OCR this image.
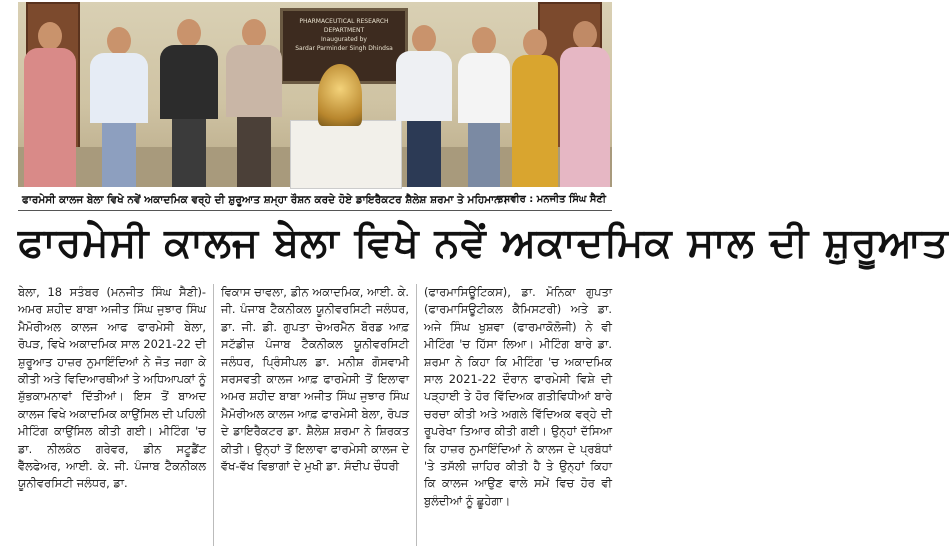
PHARMACEUTICAL RESEARCH DEPARTMENT
Inaugurated by
Sardar Parminder Singh Dhindsa
ਫਾਰਮੇਸੀ ਕਾਲਜ ਬੇਲਾ ਵਿਖੇ ਨਵੇਂ ਅਕਾਦਮਿਕ ਵਰ੍ਹੇ ਦੀ ਸ਼ੁਰੂਆਤ ਸ਼ਮ੍ਹਾ ਰੌਸ਼ਨ ਕਰਦੇ ਹੋਏ ਡਾਇਰੈਕਟਰ ਸ਼ੈਲੇਸ਼ ਸ਼ਰਮਾ ਤੇ ਮਹਿਮਾਨ।
ਤਸਵੀਰ : ਮਨਜੀਤ ਸਿੰਘ ਸੈਣੀ
ਫਾਰਮੇਸੀ ਕਾਲਜ ਬੇਲਾ ਵਿਖੇ ਨਵੇਂ ਅਕਾਦਮਿਕ ਸਾਲ ਦੀ ਸ਼ੁਰੂਆਤ

ਬੇਲਾ, 18 ਸਤੰਬਰ (ਮਨਜੀਤ ਸਿੰਘ ਸੈਣੀ)-ਅਮਰ ਸ਼ਹੀਦ ਬਾਬਾ ਅਜੀਤ ਸਿੰਘ ਜੁਝਾਰ ਸਿੰਘ ਮੈਮੋਰੀਅਲ ਕਾਲਜ ਆਫ ਫਾਰਮੇਸੀ ਬੇਲਾ, ਰੋਪੜ, ਵਿਖੇ ਅਕਾਦਮਿਕ ਸਾਲ 2021-22 ਦੀ ਸ਼ੁਰੂਆਤ ਹਾਜ਼ਰ ਨੁਮਾਇੰਦਿਆਂ ਨੇ ਜੋਤ ਜਗਾ ਕੇ ਕੀਤੀ ਅਤੇ ਵਿਦਿਆਰਥੀਆਂ ਤੇ ਅਧਿਆਪਕਾਂ ਨੂੰ ਸ਼ੁੱਭਕਾਮਨਾਵਾਂ ਦਿੱਤੀਆਂ। ਇਸ ਤੋਂ ਬਾਅਦ ਕਾਲਜ ਵਿਖੇ ਅਕਾਦਮਿਕ ਕਾਉਂਸਿਲ ਦੀ ਪਹਿਲੀ ਮੀਟਿੰਗ ਕਾਉਂਸਿਲ ਕੀਤੀ ਗਈ। ਮੀਟਿੰਗ 'ਚ ਡਾ. ਨੀਲਕੰਠ ਗਰੇਵਰ, ਡੀਨ ਸਟੂਡੈਂਟ ਵੈੱਲਫੇਅਰ, ਆਈ. ਕੇ. ਜੀ. ਪੰਜਾਬ ਟੈਕਨੀਕਲ ਯੂਨੀਵਰਸਿਟੀ ਜਲੰਧਰ, ਡਾ.

ਵਿਕਾਸ ਚਾਵਲਾ, ਡੀਨ ਅਕਾਦਮਿਕ, ਆਈ. ਕੇ. ਜੀ. ਪੰਜਾਬ ਟੈਕਨੀਕਲ ਯੂਨੀਵਰਸਿਟੀ ਜਲੰਧਰ, ਡਾ. ਜੀ. ਡੀ. ਗੁਪਤਾ ਚੇਅਰਮੈਨ ਬੋਰਡ ਆਫ਼ ਸਟੱਡੀਜ਼ ਪੰਜਾਬ ਟੈਕਨੀਕਲ ਯੂਨੀਵਰਸਿਟੀ ਜਲੰਧਰ, ਪ੍ਰਿੰਸੀਪਲ ਡਾ. ਮਨੀਸ਼ ਗੋਸਵਾਮੀ ਸਰਸਵਤੀ ਕਾਲਜ ਆਫ਼ ਫਾਰਮੇਸੀ ਤੋਂ ਇਲਾਵਾ ਅਮਰ ਸ਼ਹੀਦ ਬਾਬਾ ਅਜੀਤ ਸਿੰਘ ਜੁਝਾਰ ਸਿੰਘ ਮੈਮੋਰੀਅਲ ਕਾਲਜ ਆਫ਼ ਫਾਰਮੇਸੀ ਬੇਲਾ, ਰੋਪੜ ਦੇ ਡਾਇਰੈਕਟਰ ਡਾ. ਸ਼ੈਲੇਸ਼ ਸ਼ਰਮਾ ਨੇ ਸ਼ਿਰਕਤ ਕੀਤੀ। ਉਨ੍ਹਾਂ ਤੋਂ ਇਲਾਵਾ ਫਾਰਮੇਸੀ ਕਾਲਜ ਦੇ ਵੱਖ-ਵੱਖ ਵਿਭਾਗਾਂ ਦੇ ਮੁਖੀ ਡਾ. ਸੰਦੀਪ ਚੌਧਰੀ

(ਫਾਰਮਾਸਿਊਟਿਕਸ), ਡਾ. ਮੋਨਿਕਾ ਗੁਪਤਾ (ਫਾਰਮਾਸਿਊਟੀਕਲ ਕੈਮਿਸਟਰੀ) ਅਤੇ ਡਾ. ਅਜੇ ਸਿੰਘ ਖੁਸ਼ਵਾ (ਫਾਰਮਾਕੋਲੋਜੀ) ਨੇ ਵੀ ਮੀਟਿੰਗ 'ਚ ਹਿੱਸਾ ਲਿਆ। ਮੀਟਿੰਗ ਬਾਰੇ ਡਾ. ਸ਼ਰਮਾ ਨੇ ਕਿਹਾ ਕਿ ਮੀਟਿੰਗ 'ਚ ਅਕਾਦਮਿਕ ਸਾਲ 2021-22 ਦੌਰਾਨ ਫਾਰਮੇਸੀ ਵਿਸ਼ੇ ਦੀ ਪੜ੍ਹਾਈ ਤੇ ਹੋਰ ਵਿੱਦਿਅਕ ਗਤੀਵਿਧੀਆਂ ਬਾਰੇ ਚਰਚਾ ਕੀਤੀ ਅਤੇ ਅਗਲੇ ਵਿੱਦਿਅਕ ਵਰ੍ਹੇ ਦੀ ਰੂਪਰੇਖਾ ਤਿਆਰ ਕੀਤੀ ਗਈ। ਉਨ੍ਹਾਂ ਦੱਸਿਆ ਕਿ ਹਾਜ਼ਰ ਨੁਮਾਇੰਦਿਆਂ ਨੇ ਕਾਲਜ ਦੇ ਪ੍ਰਬੰਧਾਂ 'ਤੇ ਤਸੱਲੀ ਜ਼ਾਹਿਰ ਕੀਤੀ ਹੈ ਤੇ ਉਨ੍ਹਾਂ ਕਿਹਾ ਕਿ ਕਾਲਜ ਆਉਣ ਵਾਲੇ ਸਮੇਂ ਵਿਚ ਹੋਰ ਵੀ ਬੁਲੰਦੀਆਂ ਨੂੰ ਛੂਹੇਗਾ।
